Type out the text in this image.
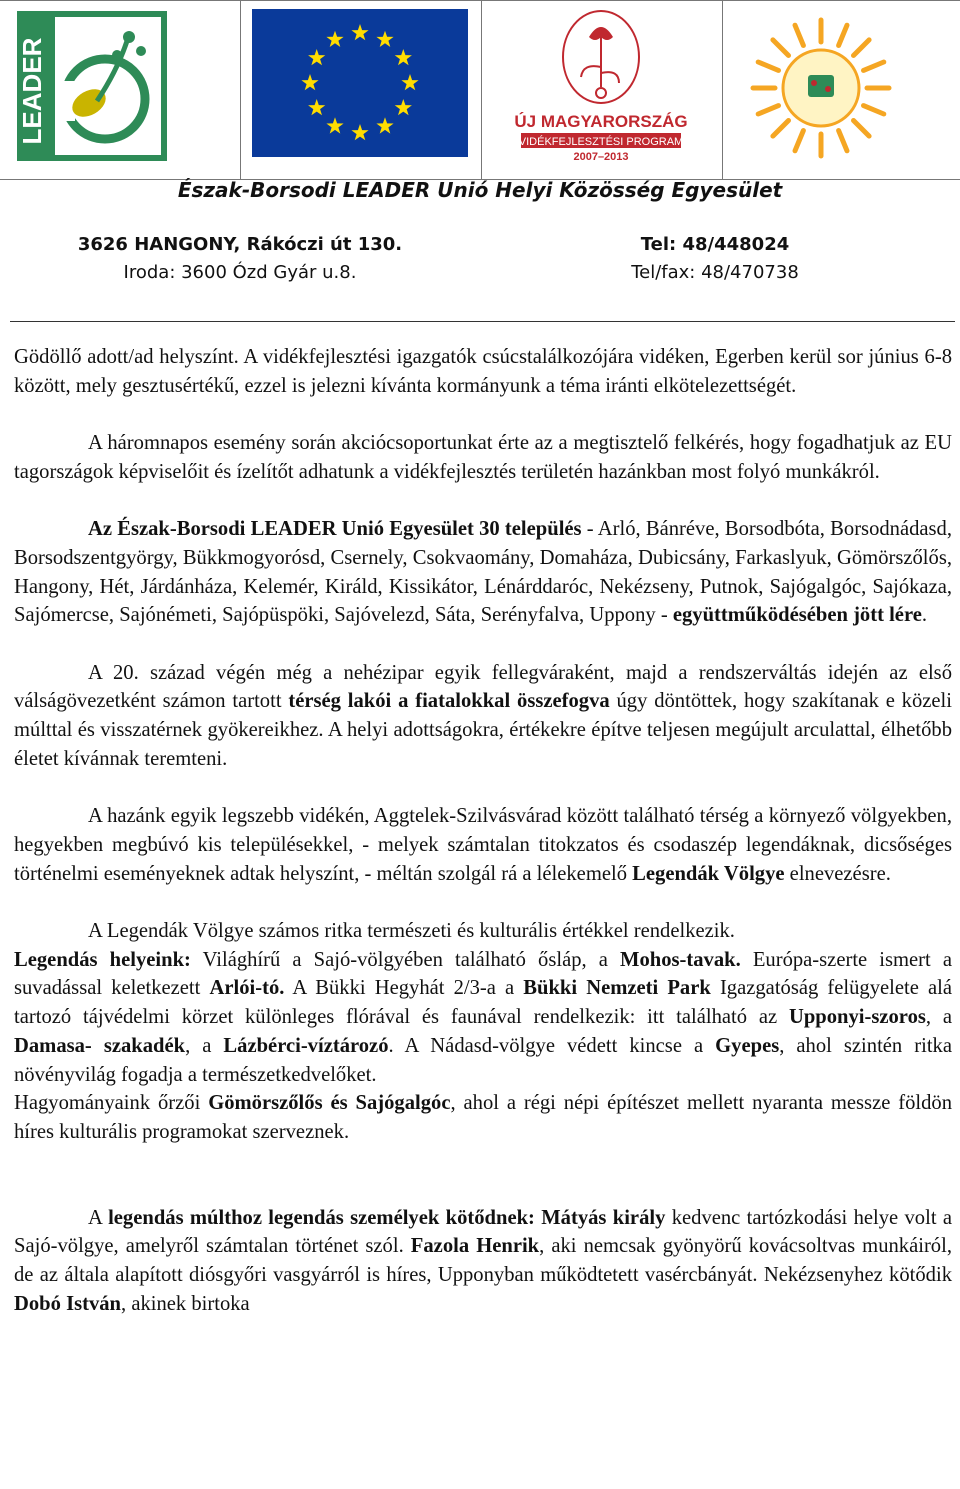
LEADER	ÚJ MAGYARORSZÁG
VIDÉKFEJLESZTÉSI PROGRAM
2007–2013
Észak-Borsodi LEADER Unió Helyi Közösség Egyesület
3626 HANGONY, Rákóczi út 130.	Tel: 48/448024
Iroda: 3600 Ózd Gyár u.8.	Tel/fax: 48/470738

Gödöllő adott/ad helyszínt. A vidékfejlesztési igazgatók csúcstalálkozójára vidéken, Egerben kerül sor június 6-8 között, mely gesztusértékű, ezzel is jelezni kívánta kormányunk a téma iránti elkötelezettségét.

A háromnapos esemény során akciócsoportunkat érte az a megtisztelő felkérés, hogy fogadhatjuk az EU tagországok képviselőit és ízelítőt adhatunk a vidékfejlesztés területén hazánkban most folyó munkákról.

Az Észak-Borsodi LEADER Unió Egyesület 30 település - Arló, Bánréve, Borsodbóta, Borsodnádasd, Borsodszentgyörgy, Bükkmogyorósd, Csernely, Csokvaomány, Domaháza, Dubicsány, Farkaslyuk, Gömörszőlős, Hangony, Hét, Járdánháza, Kelemér, Királd, Kissikátor, Lénárddaróc, Nekézseny, Putnok, Sajógalgóc, Sajókaza, Sajómercse, Sajónémeti, Sajópüspöki, Sajóvelezd, Sáta, Serényfalva, Uppony - együttműködésében jött lére.

A 20. század végén még a nehézipar egyik fellegváraként, majd a rendszerváltás idején az első válságövezetként számon tartott térség lakói a fiatalokkal összefogva úgy döntöttek, hogy szakítanak e közeli múlttal és visszatérnek gyökereikhez. A helyi adottságokra, értékekre építve teljesen megújult arculattal, élhetőbb életet kívánnak teremteni.

A hazánk egyik legszebb vidékén, Aggtelek-Szilvásvárad között található térség a környező völgyekben, hegyekben megbúvó kis településekkel, - melyek számtalan titokzatos és csodaszép legendáknak, dicsőséges történelmi eseményeknek adtak helyszínt, - méltán szolgál rá a lélekemelő Legendák Völgye elnevezésre.

A Legendák Völgye számos ritka természeti és kulturális értékkel rendelkezik.

Legendás helyeink: Világhírű a Sajó-völgyében található ősláp, a Mohos-tavak. Európa-szerte ismert a suvadással keletkezett Arlói-tó. A Bükki Hegyhát 2/3-a a Bükki Nemzeti Park Igazgatóság felügyelete alá tartozó tájvédelmi körzet különleges flórával és faunával rendelkezik: itt található az Upponyi-szoros, a Damasa- szakadék, a Lázbérci-víztározó. A Nádasd-völgye védett kincse a Gyepes, ahol szintén ritka növényvilág fogadja a természetkedvelőket.

Hagyományaink őrzői Gömörszőlős és Sajógalgóc, ahol a régi népi építészet mellett nyaranta messze földön híres kulturális programokat szerveznek.

A legendás múlthoz legendás személyek kötődnek: Mátyás király kedvenc tartózkodási helye volt a Sajó-völgye, amelyről számtalan történet szól. Fazola Henrik, aki nemcsak gyönyörű kovácsoltvas munkáiról, de az általa alapított diósgyőri vasgyárról is híres, Upponyban működtetett vasércbányát. Nekézsenyhez kötődik Dobó István, akinek birtoka
